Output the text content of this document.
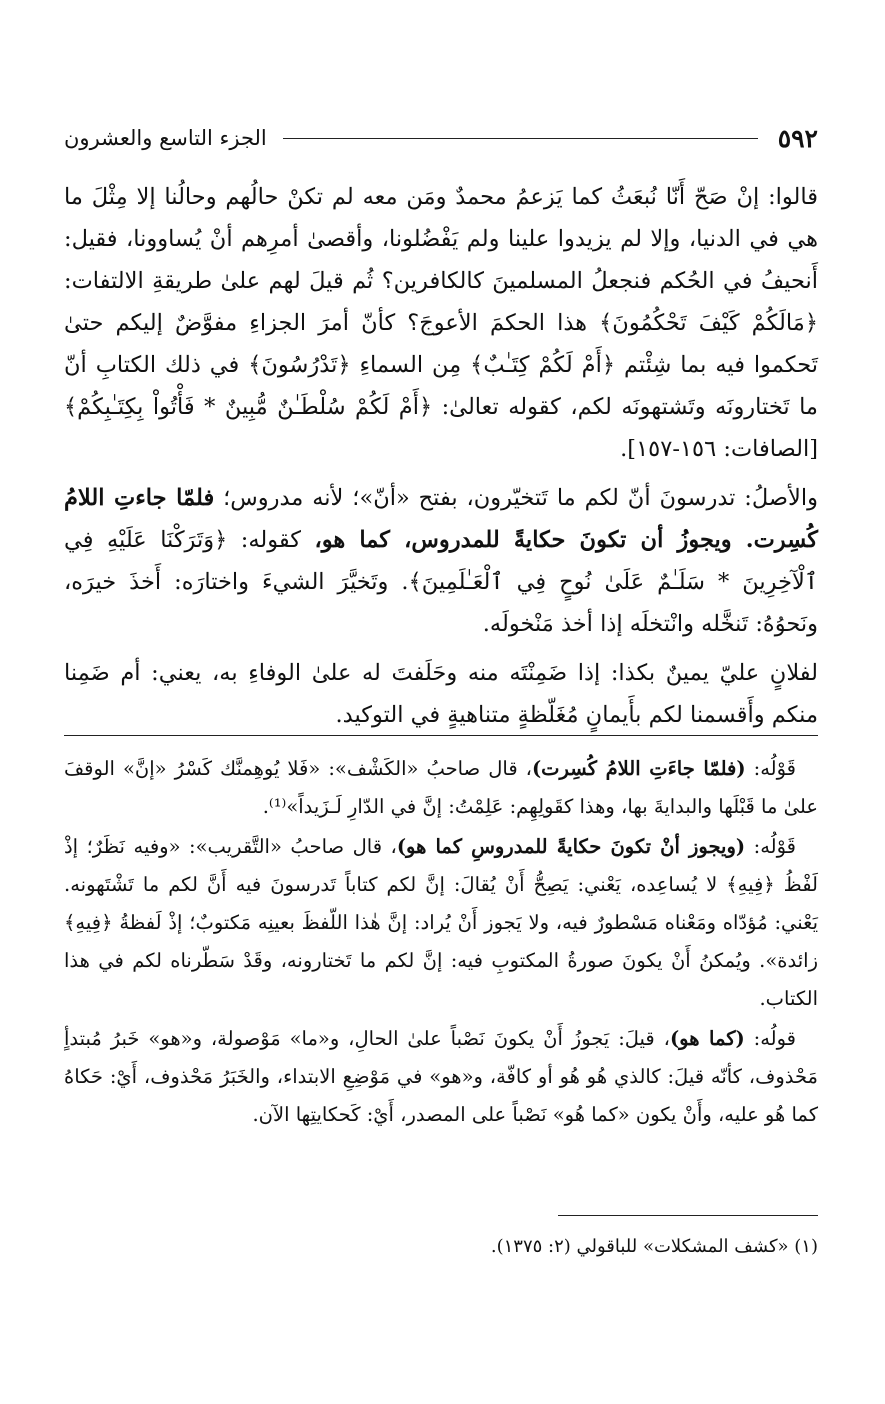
٥٩٢
الجزء التاسع والعشرون

قالوا: إنْ صَحّ أَنّا نُبعَثُ كما يَزعمُ محمدٌ ومَن معه لم تكنْ حالُهم وحالُنا إلا مِثْلَ ما هي في الدنيا، وإلا لم يزيدوا علينا ولم يَفْضُلونا، وأقصىٰ أمرِهم أنْ يُساوونا، فقيل: أَنحيفُ في الحُكم فنجعلُ المسلمينَ كالكافرين؟ ثُم قيلَ لهم علىٰ طريقةِ الالتفات: ﴿مَالَكُمْ كَيْفَ تَحْكُمُونَ﴾ هذا الحكمَ الأعوجَ؟ كأنّ أمرَ الجزاءِ مفوَّضٌ إليكم حتىٰ تَحكموا فيه بما شِئْتم ﴿أَمْ لَكُمْ كِتَـٰبٌ﴾ مِن السماءِ ﴿تَدْرُسُونَ﴾ في ذلك الكتابِ أنّ ما تَختارونَه وتَشتهونَه لكم، كقوله تعالىٰ: ﴿أَمْ لَكُمْ سُلْطَـٰنٌ مُّبِينٌ * فَأْتُواْ بِكِتَـٰبِكُمْ﴾ [الصافات: ١٥٦-١٥٧].

والأصلُ: تدرسونَ أنّ لكم ما تَتخيّرون، بفتح «أنّ»؛ لأنه مدروس؛ فلمّا جاءتِ اللامُ كُسِرت. ويجوزُ أن تكونَ حكايةً للمدروس، كما هو، كقوله: ﴿وَتَرَكْنَا عَلَيْهِ فِي ٱلْآخِرِينَ * سَلَـٰمٌ عَلَىٰ نُوحٍ فِي ٱلْعَـٰلَمِينَ﴾. وتَخيَّرَ الشيءَ واختارَه: أَخذَ خيرَه، ونَحوُهُ: تَنخَّله وانْتخلَه إذا أخذ مَنْخولَه.

لفلانٍ عليّ يمينٌ بكذا: إذا ضَمِنْتَه منه وحَلَفتَ له علىٰ الوفاءِ به، يعني: أم ضَمِنا منكم وأَقسمنا لكم بأَيمانٍ مُغَلّظةٍ متناهيةٍ في التوكيد.

قَوْلُه: (فلمّا جاءَتِ اللامُ كُسِرت)، قال صاحبُ «الكَشْف»: «فَلا يُوهِمنَّك كَسْرُ «إنَّ» الوقفَ علىٰ ما قَبْلَها والبدايةَ بها، وهذا كقَولِهِم: عَلِمْتُ: إنَّ في الدّارِ لَـزَيداً»⁽¹⁾.

قَوْلُه: (ويجوز أنْ تكونَ حكايةً للمدروسِ كما هو)، قال صاحبُ «التَّقريب»: «وفيه نَظَرٌ؛ إذْ لَفْظُ ﴿فِيهِ﴾ لا يُساعِده، يَعْني: يَصِحُّ أَنْ يُقالَ: إنَّ لكم كتاباً تَدرسونَ فيه أَنَّ لكم ما تَشْتَهونه. يَعْني: مُؤدّاه ومَعْناه مَسْطورٌ فيه، ولا يَجوز أَنْ يُراد: إنَّ هٰذا اللّفظَ بعينِه مَكتوبٌ؛ إذْ لَفظةُ ﴿فِيهِ﴾ زائدة». ويُمكنُ أَنْ يكونَ صورةُ المكتوبِ فيه: إنَّ لكم ما تَختارونه، وقَدْ سَطّرناه لكم في هذا الكتاب.

قولُه: (كما هو)، قيلَ: يَجوزُ أَنْ يكونَ نَصْباً علىٰ الحالِ، و«ما» مَوْصولة، و«هو» خَبرُ مُبتدأٍ مَحْذوف، كأنّه قيلَ: كالذي هُو هُو أو كافّة، و«هو» في مَوْضِعِ الابتداء، والخَبَرُ مَحْذوف، أَيْ: حَكاهُ كما هُو عليه، وأَنْ يكون «كما هُو» نَصْباً على المصدر، أَيْ: كَحكايتِها الآن.

(١) «كشف المشكلات» للباقولي (٢: ١٣٧٥).
